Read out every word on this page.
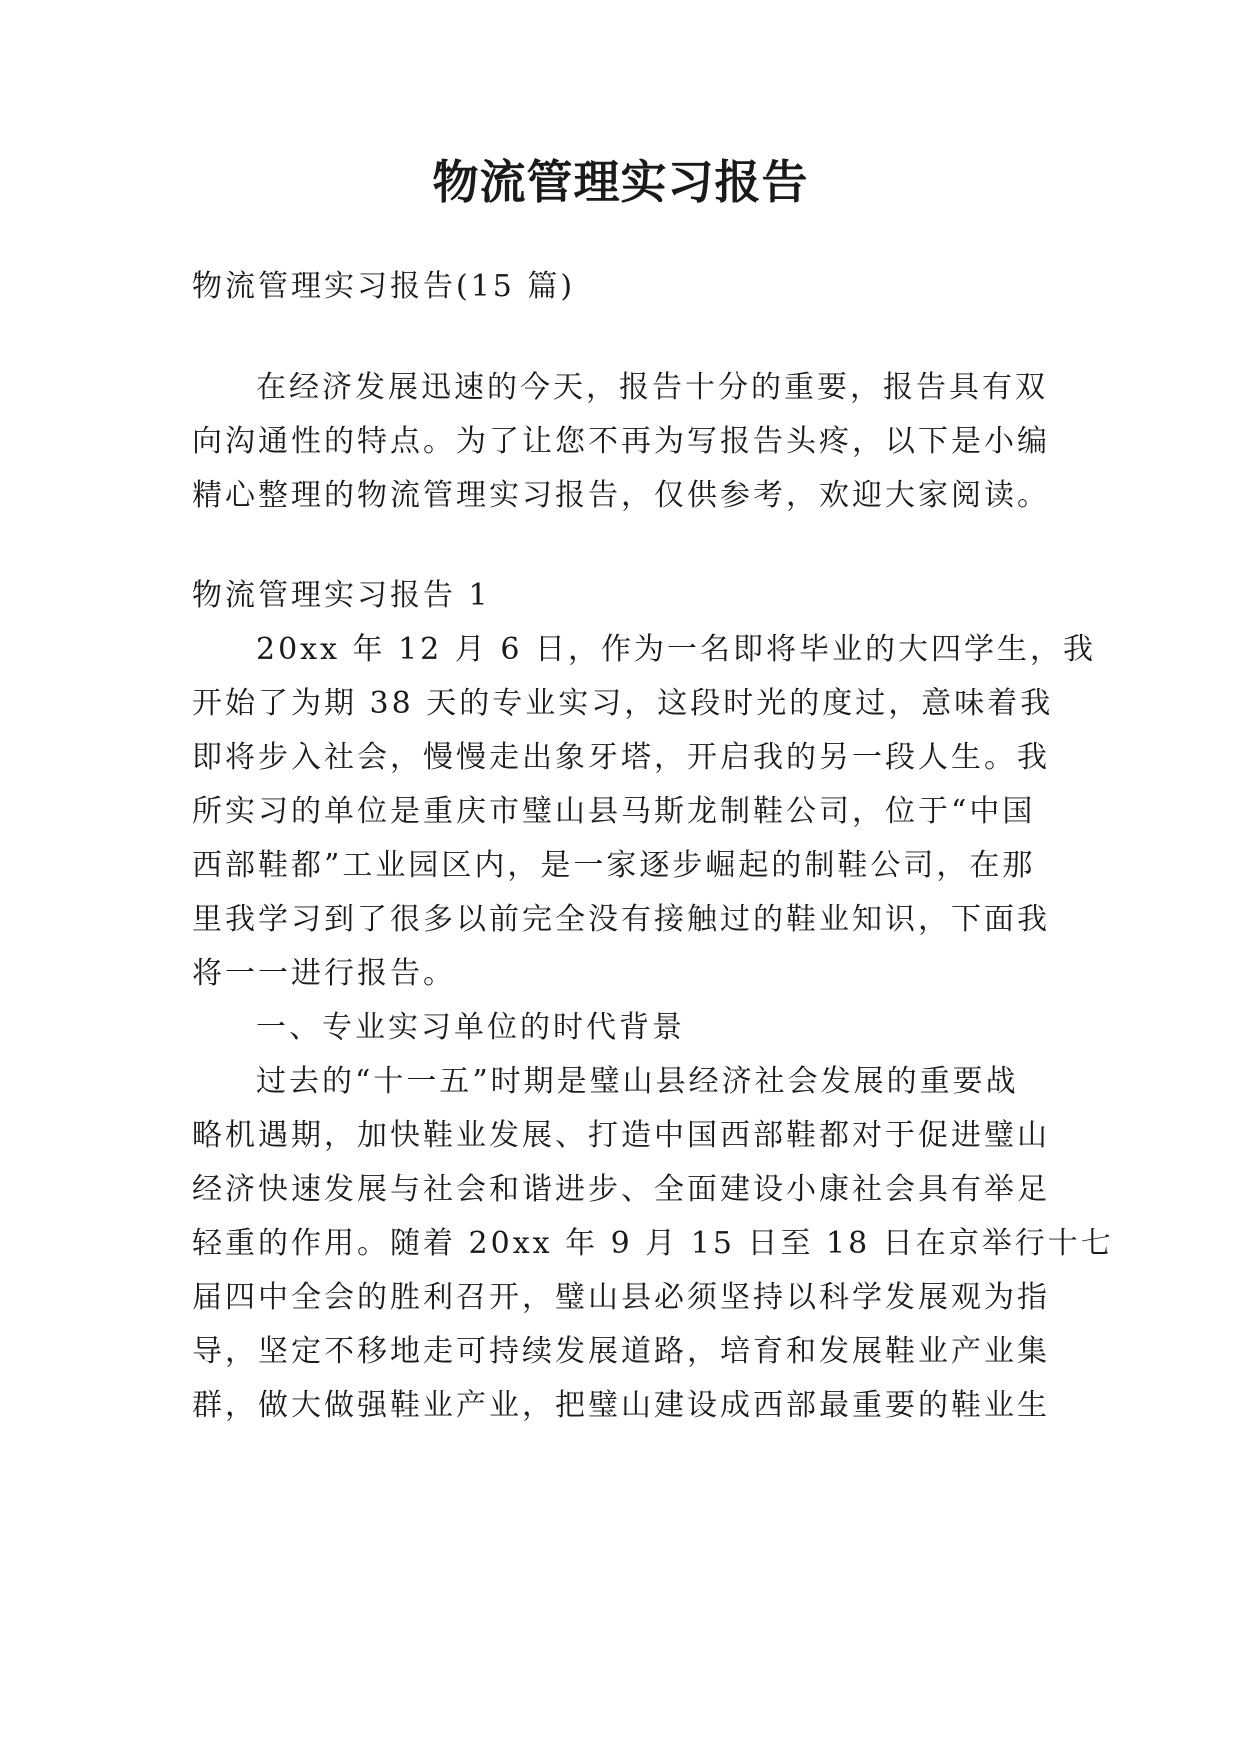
物流管理实习报告
物流管理实习报告(15 篇)
在经济发展迅速的今天，报告十分的重要，报告具有双
向沟通性的特点。为了让您不再为写报告头疼，以下是小编
精心整理的物流管理实习报告，仅供参考，欢迎大家阅读。
物流管理实习报告 1
20xx 年 12 月 6 日，作为一名即将毕业的大四学生，我
开始了为期 38 天的专业实习，这段时光的度过，意味着我
即将步入社会，慢慢走出象牙塔，开启我的另一段人生。我
所实习的单位是重庆市璧山县马斯龙制鞋公司，位于“中国
西部鞋都”工业园区内，是一家逐步崛起的制鞋公司，在那
里我学习到了很多以前完全没有接触过的鞋业知识，下面我
将一一进行报告。
一、专业实习单位的时代背景
过去的“十一五”时期是璧山县经济社会发展的重要战
略机遇期，加快鞋业发展、打造中国西部鞋都对于促进璧山
经济快速发展与社会和谐进步、全面建设小康社会具有举足
轻重的作用。随着 20xx 年 9 月 15 日至 18 日在京举行十七
届四中全会的胜利召开，璧山县必须坚持以科学发展观为指
导，坚定不移地走可持续发展道路，培育和发展鞋业产业集
群，做大做强鞋业产业，把璧山建设成西部最重要的鞋业生
